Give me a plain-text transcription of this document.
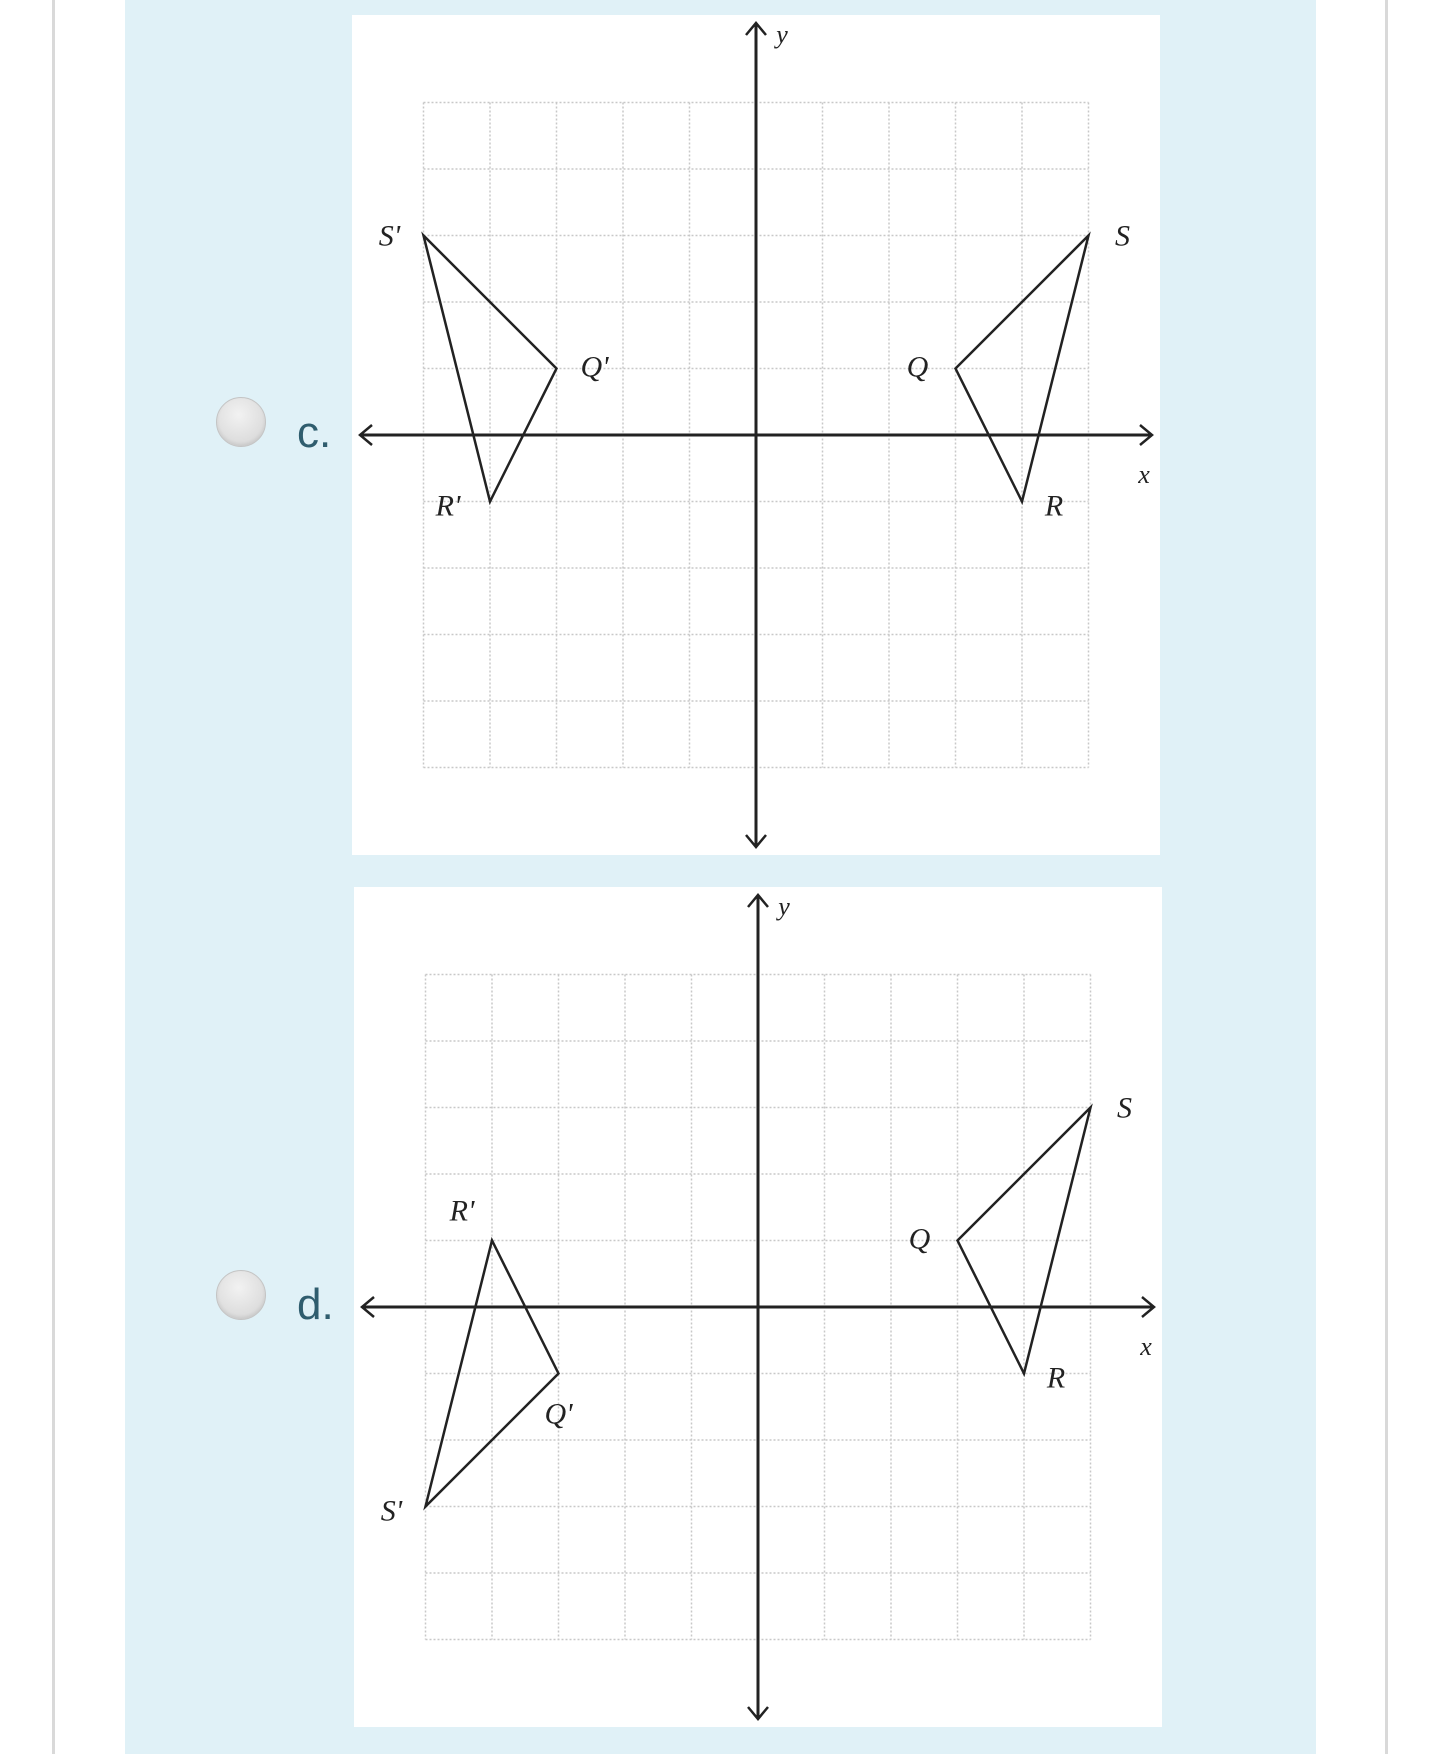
c.
x
y
Q
R
S
Q'
R'
S'
d.
x
y
Q
R
S
Q'
R'
S'
